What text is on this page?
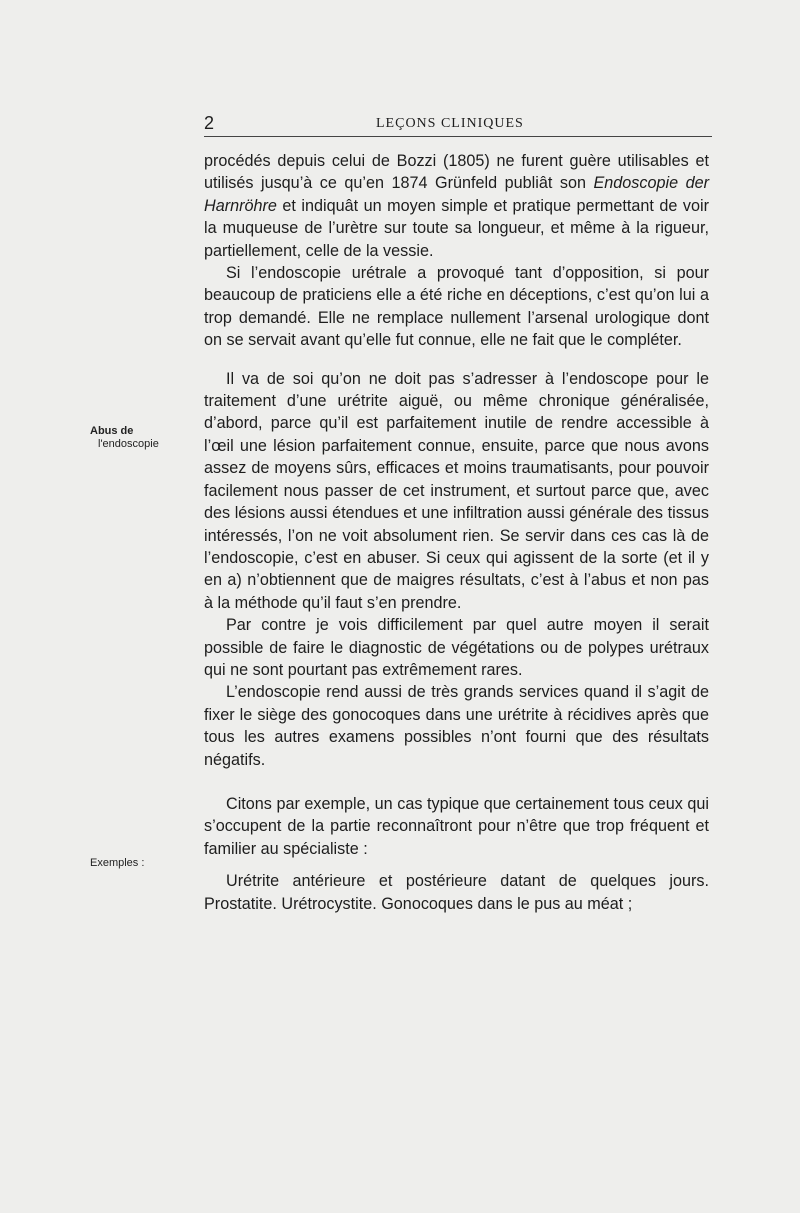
2	LEÇONS CLINIQUES
Abus de
l'endoscopie
Exemples :

procédés depuis celui de Bozzi (1805) ne furent guère utilisables et utilisés jusqu’à ce qu’en 1874 Grünfeld publiât son Endoscopie der Harnröhre et indiquât un moyen simple et pratique permettant de voir la muqueuse de l’urètre sur toute sa longueur, et même à la rigueur, partiellement, celle de la vessie.

Si l’endoscopie urétrale a provoqué tant d’opposition, si pour beaucoup de praticiens elle a été riche en déceptions, c’est qu’on lui a trop demandé. Elle ne remplace nullement l’arsenal urologique dont on se servait avant qu’elle fut connue, elle ne fait que le compléter.

Il va de soi qu’on ne doit pas s’adresser à l’endoscope pour le traitement d’une urétrite aiguë, ou même chronique généralisée, d’abord, parce qu’il est parfaitement inutile de rendre accessible à l’œil une lésion parfaitement connue, ensuite, parce que nous avons assez de moyens sûrs, efficaces et moins traumatisants, pour pouvoir facilement nous passer de cet instrument, et surtout parce que, avec des lésions aussi étendues et une infiltration aussi générale des tissus intéressés, l’on ne voit absolument rien. Se servir dans ces cas là de l’endoscopie, c’est en abuser. Si ceux qui agissent de la sorte (et il y en a) n’obtiennent que de maigres résultats, c’est à l’abus et non pas à la méthode qu’il faut s’en prendre.

Par contre je vois difficilement par quel autre moyen il serait possible de faire le diagnostic de végétations ou de polypes urétraux qui ne sont pourtant pas extrêmement rares.

L’endoscopie rend aussi de très grands services quand il s’agit de fixer le siège des gonocoques dans une urétrite à récidives après que tous les autres examens possibles n’ont fourni que des résultats négatifs.

Citons par exemple, un cas typique que certainement tous ceux qui s’occupent de la partie reconnaîtront pour n’être que trop fréquent et familier au spécialiste :

Urétrite antérieure et postérieure datant de quelques jours. Prostatite. Urétrocystite. Gonocoques dans le pus au méat ;
